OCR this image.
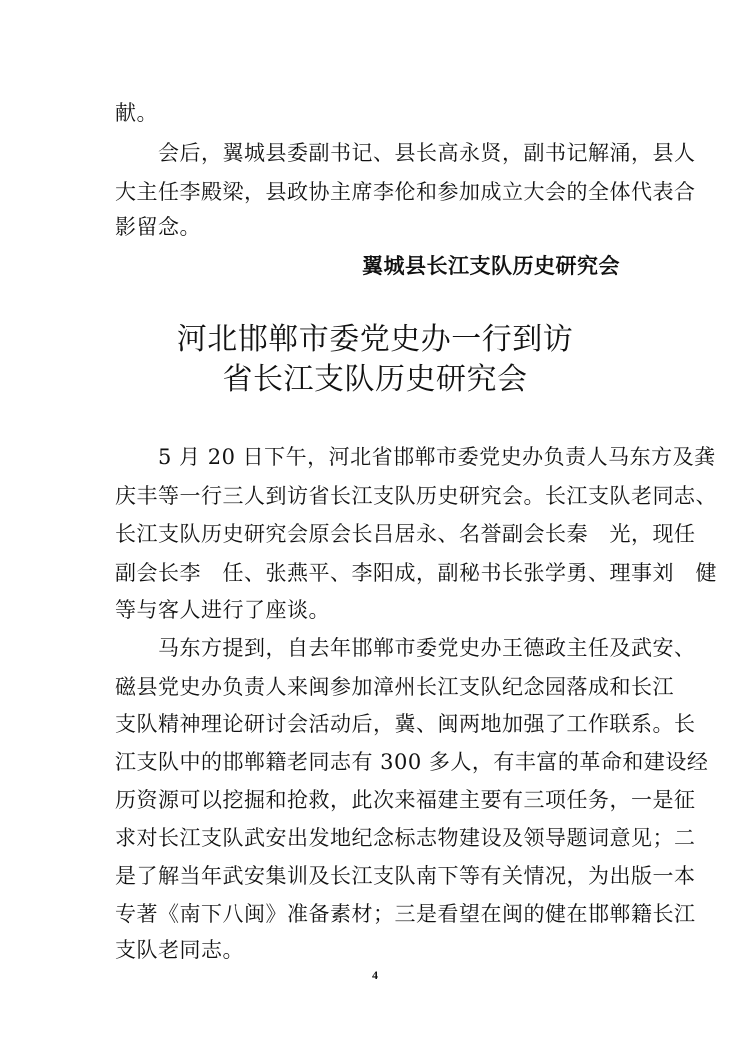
献。
　　会后，翼城县委副书记、县长高永贤，副书记解涌，县人
大主任李殿梁，县政协主席李伦和参加成立大会的全体代表合
影留念。
翼城县长江支队历史研究会
河北邯郸市委党史办一行到访
省长江支队历史研究会
　　5 月 20 日下午，河北省邯郸市委党史办负责人马东方及龚
庆丰等一行三人到访省长江支队历史研究会。长江支队老同志、
长江支队历史研究会原会长吕居永、名誉副会长秦　光，现任
副会长李　任、张燕平、李阳成，副秘书长张学勇、理事刘　健
等与客人进行了座谈。
　　马东方提到，自去年邯郸市委党史办王德政主任及武安、
磁县党史办负责人来闽参加漳州长江支队纪念园落成和长江
支队精神理论研讨会活动后，冀、闽两地加强了工作联系。长
江支队中的邯郸籍老同志有 300 多人，有丰富的革命和建设经
历资源可以挖掘和抢救，此次来福建主要有三项任务，一是征
求对长江支队武安出发地纪念标志物建设及领导题词意见；二
是了解当年武安集训及长江支队南下等有关情况，为出版一本
专著《南下八闽》准备素材；三是看望在闽的健在邯郸籍长江
支队老同志。
4
